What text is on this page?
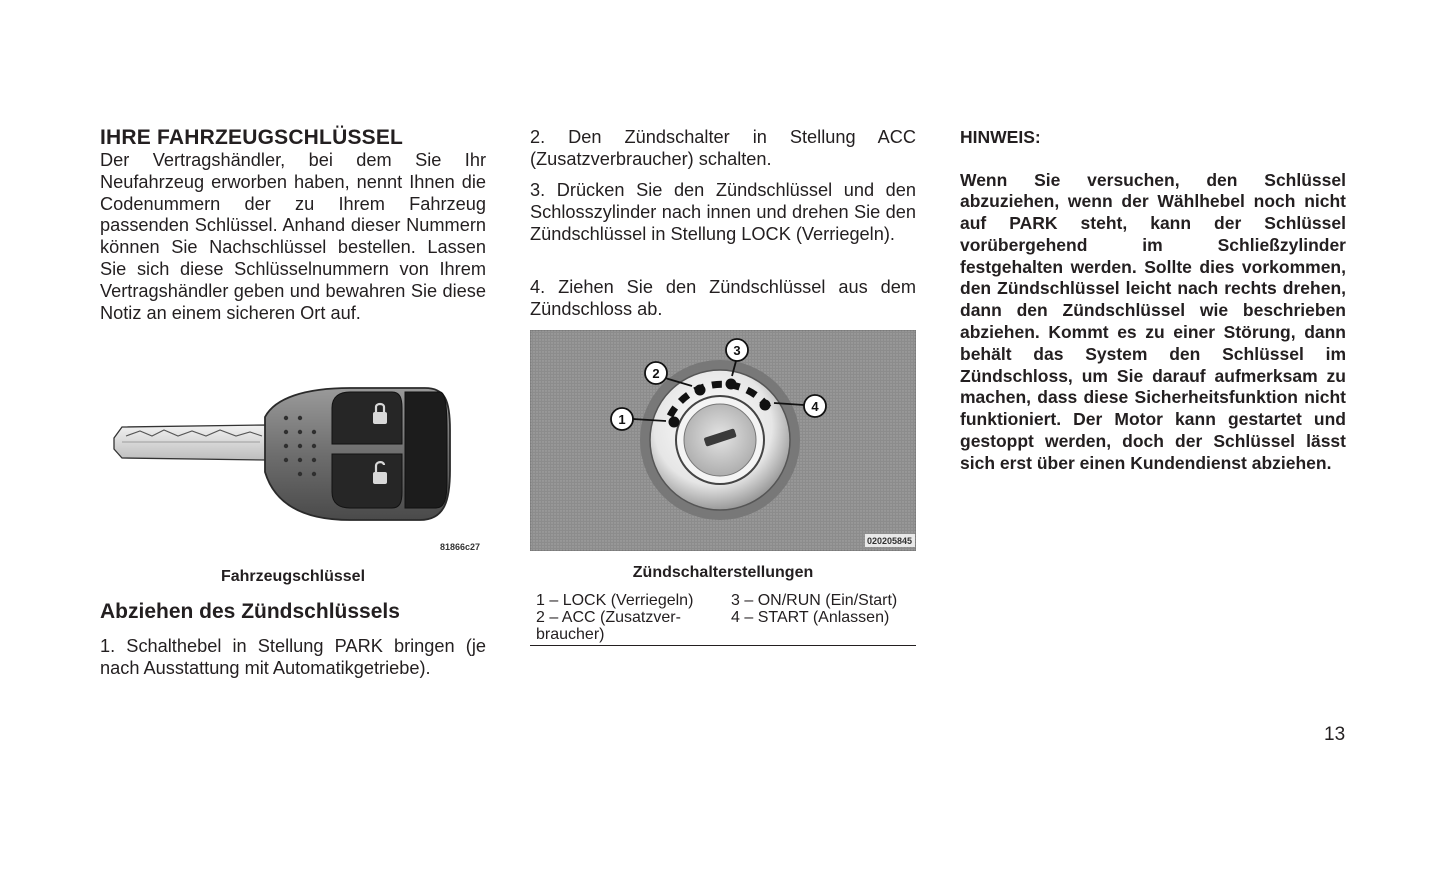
IHRE FAHRZEUGSCHLÜSSEL

Der Vertragshändler, bei dem Sie Ihr Neufahrzeug erworben haben, nennt Ihnen die Codenummern der zu Ihrem Fahrzeug passenden Schlüssel. Anhand dieser Nummern können Sie Nachschlüssel bestellen. Lassen Sie sich diese Schlüsselnummern von Ihrem Vertragshändler geben und bewahren Sie diese Notiz an einem sicheren Ort auf.

81866c27
Fahrzeugschlüssel
Abziehen des Zündschlüssels

1. Schalthebel in Stellung PARK bringen (je nach Ausstattung mit Automatikgetriebe).

2. Den Zündschalter in Stellung ACC (Zusatzverbraucher) schalten.

3. Drücken Sie den Zündschlüssel und den Schlosszylinder nach innen und drehen Sie den Zündschlüssel in Stellung LOCK (Verriegeln).

4. Ziehen Sie den Zündschlüssel aus dem Zündschloss ab.

1
2
3
4
020205845
Zündschalterstellungen
1 – LOCK (Verriegeln)	3 – ON/RUN (Ein/Start)
2 – ACC (Zusatzver-
braucher)
4 – START (Anlassen)
HINWEIS:

Wenn Sie versuchen, den Schlüssel abzuziehen, wenn der Wählhebel noch nicht auf PARK steht, kann der Schlüssel vorübergehend im Schließzylinder festgehalten werden. Sollte dies vorkommen, den Zündschlüssel leicht nach rechts drehen, dann den Zündschlüssel wie beschrieben abziehen. Kommt es zu einer Störung, dann behält das System den Schlüssel im Zündschloss, um Sie darauf aufmerksam zu machen, dass diese Sicherheitsfunktion nicht funktioniert. Der Motor kann gestartet und gestoppt werden, doch der Schlüssel lässt sich erst über einen Kundendienst abziehen.

13
